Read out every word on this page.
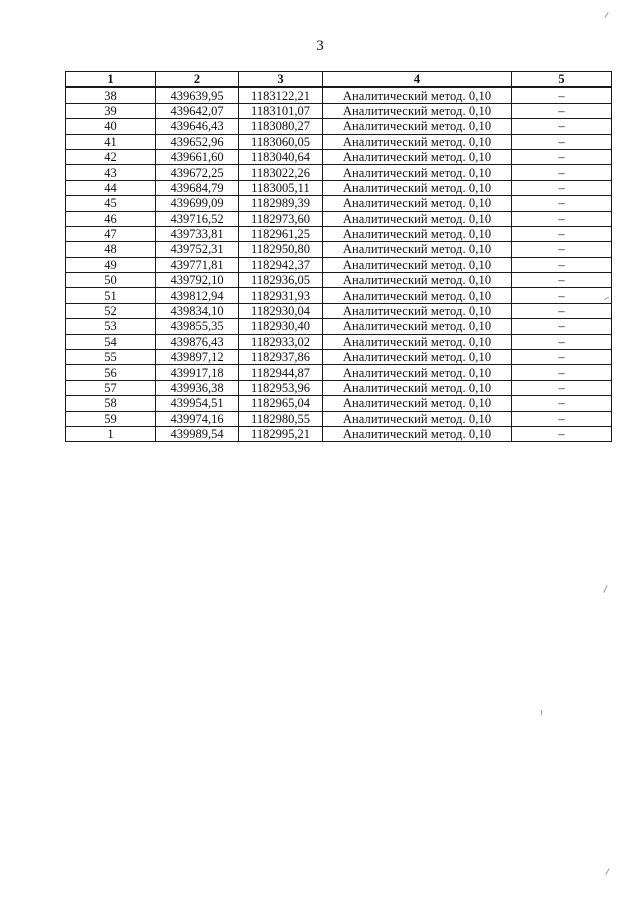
3
1	2	3	4	5
38	439639,95	1183122,21	Аналитический метод. 0,10	–
39	439642,07	1183101,07	Аналитический метод. 0,10	–
40	439646,43	1183080,27	Аналитический метод. 0,10	–
41	439652,96	1183060,05	Аналитический метод. 0,10	–
42	439661,60	1183040,64	Аналитический метод. 0,10	–
43	439672,25	1183022,26	Аналитический метод. 0,10	–
44	439684,79	1183005,11	Аналитический метод. 0,10	–
45	439699,09	1182989,39	Аналитический метод. 0,10	–
46	439716,52	1182973,60	Аналитический метод. 0,10	–
47	439733,81	1182961,25	Аналитический метод. 0,10	–
48	439752,31	1182950,80	Аналитический метод. 0,10	–
49	439771,81	1182942,37	Аналитический метод. 0,10	–
50	439792,10	1182936,05	Аналитический метод. 0,10	–
51	439812,94	1182931,93	Аналитический метод. 0,10	–
52	439834,10	1182930,04	Аналитический метод. 0,10	–
53	439855,35	1182930,40	Аналитический метод. 0,10	–
54	439876,43	1182933,02	Аналитический метод. 0,10	–
55	439897,12	1182937,86	Аналитический метод. 0,10	–
56	439917,18	1182944,87	Аналитический метод. 0,10	–
57	439936,38	1182953,96	Аналитический метод. 0,10	–
58	439954,51	1182965,04	Аналитический метод. 0,10	–
59	439974,16	1182980,55	Аналитический метод. 0,10	–
1	439989,54	1182995,21	Аналитический метод. 0,10	–
